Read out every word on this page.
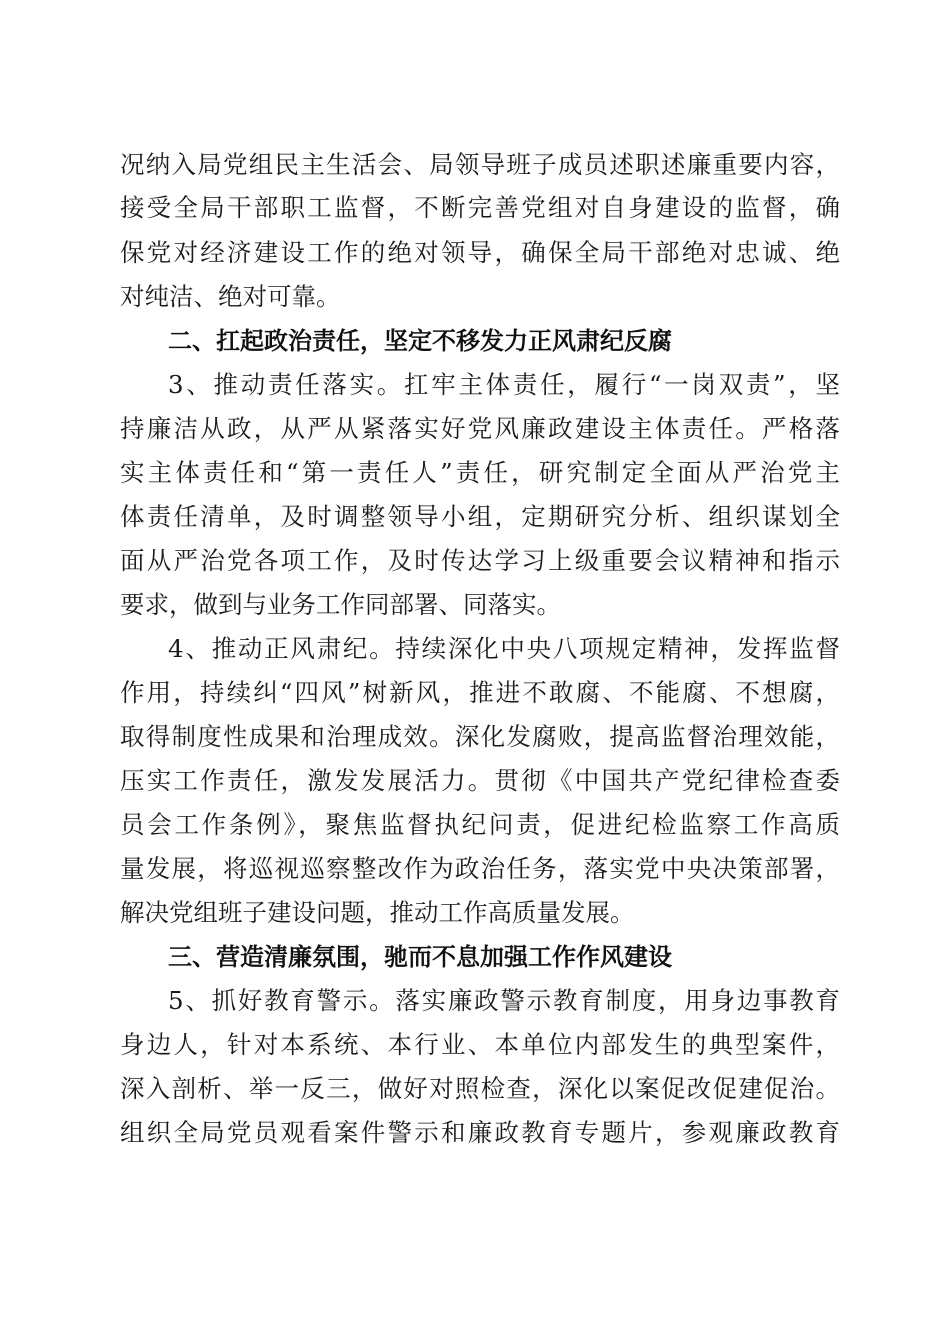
况纳入局党组民主生活会、局领导班子成员述职述廉重要内容，
接受全局干部职工监督，不断完善党组对自身建设的监督，确
保党对经济建设工作的绝对领导，确保全局干部绝对忠诚、绝
对纯洁、绝对可靠。
二、扛起政治责任，坚定不移发力正风肃纪反腐
3、推动责任落实。扛牢主体责任，履行“一岗双责”，坚
持廉洁从政，从严从紧落实好党风廉政建设主体责任。严格落
实主体责任和“第一责任人”责任，研究制定全面从严治党主
体责任清单，及时调整领导小组，定期研究分析、组织谋划全
面从严治党各项工作，及时传达学习上级重要会议精神和指示
要求，做到与业务工作同部署、同落实。
4、推动正风肃纪。持续深化中央八项规定精神，发挥监督
作用，持续纠“四风”树新风，推进不敢腐、不能腐、不想腐，
取得制度性成果和治理成效。深化发腐败，提高监督治理效能，
压实工作责任，激发发展活力。贯彻《中国共产党纪律检查委
员会工作条例》，聚焦监督执纪问责，促进纪检监察工作高质
量发展，将巡视巡察整改作为政治任务，落实党中央决策部署，
解决党组班子建设问题，推动工作高质量发展。
三、营造清廉氛围，驰而不息加强工作作风建设
5、抓好教育警示。落实廉政警示教育制度，用身边事教育
身边人，针对本系统、本行业、本单位内部发生的典型案件，
深入剖析、举一反三，做好对照检查，深化以案促改促建促治。
组织全局党员观看案件警示和廉政教育专题片，参观廉政教育
